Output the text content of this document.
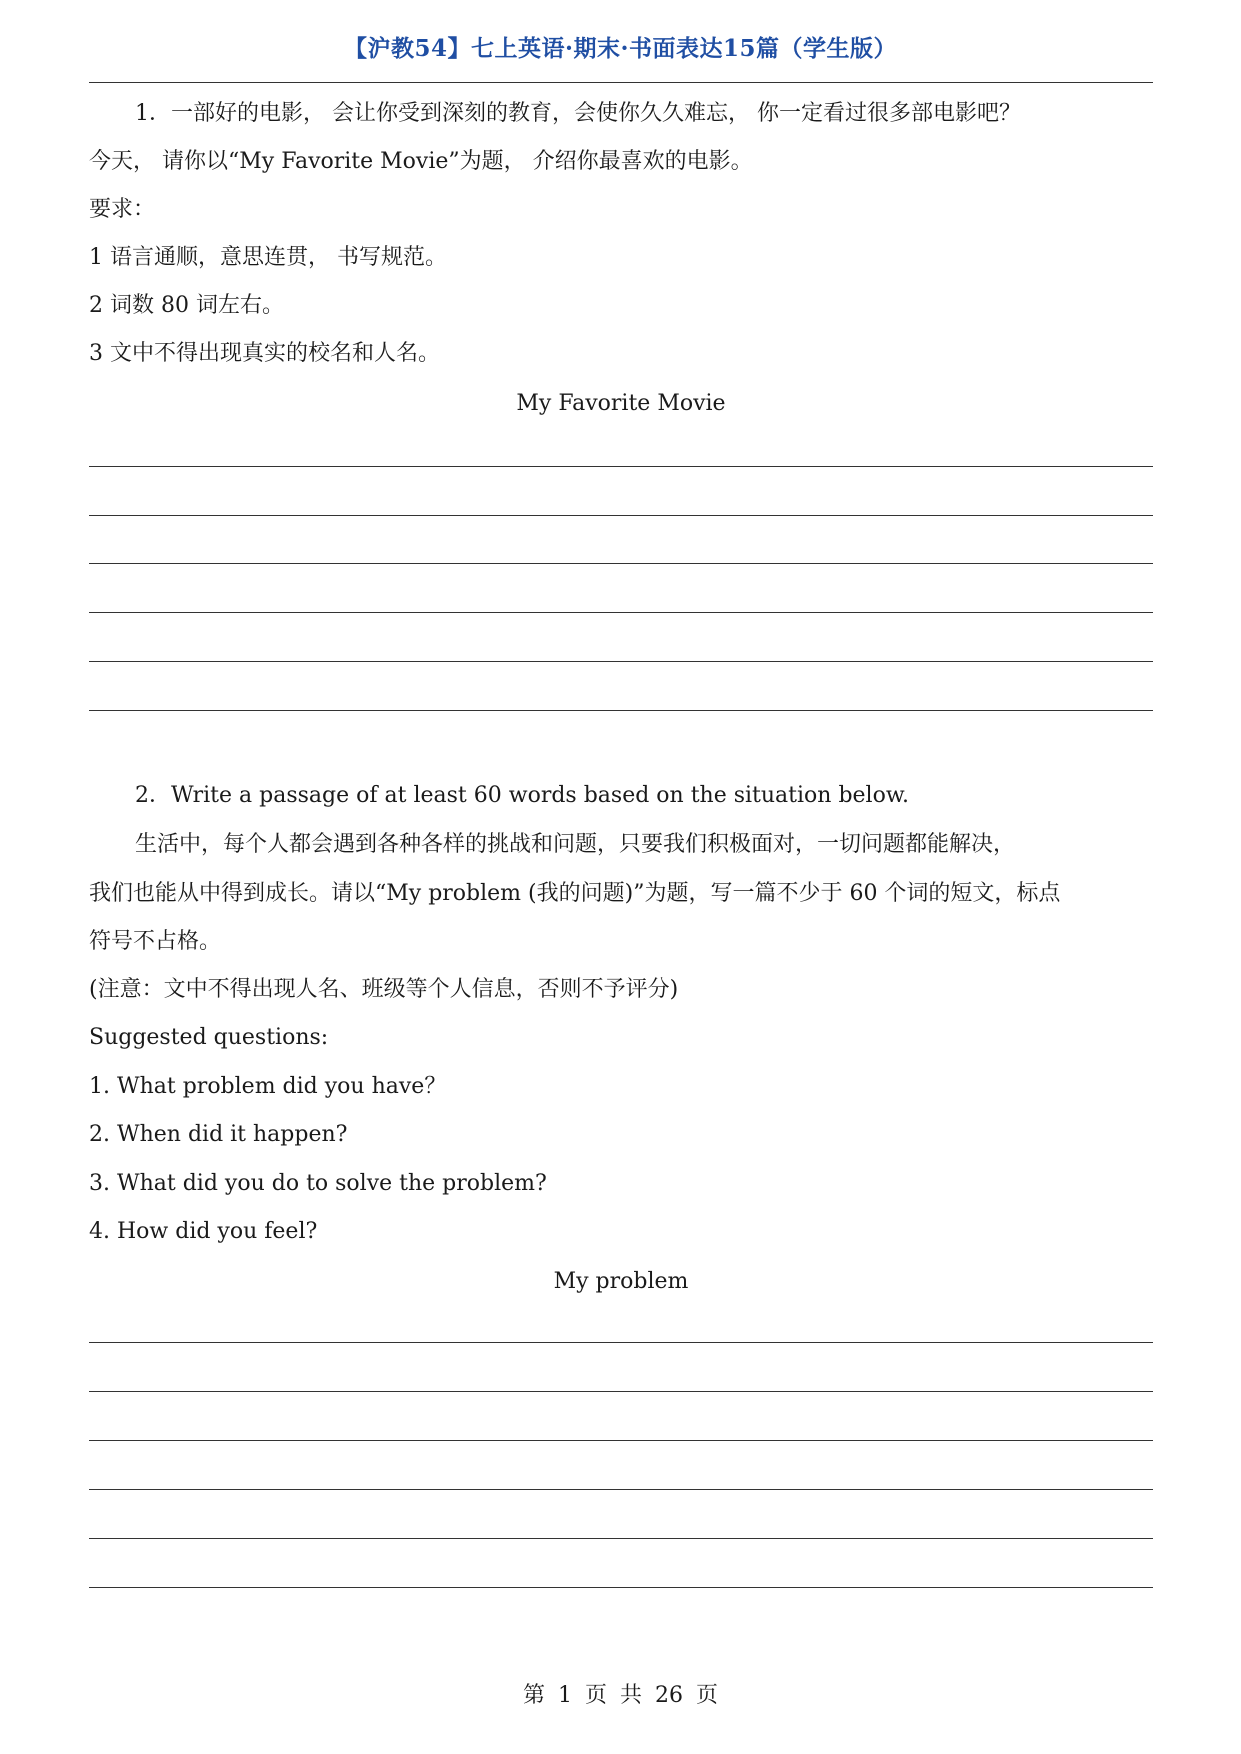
【沪教54】七上英语·期末·书面表达15篇（学生版）
1．一部好的电影， 会让你受到深刻的教育，会使你久久难忘， 你一定看过很多部电影吧？
今天， 请你以“My Favorite Movie”为题， 介绍你最喜欢的电影。
要求：
1 语言通顺，意思连贯， 书写规范。
2 词数 80 词左右。
3 文中不得出现真实的校名和人名。
My Favorite Movie
2．Write a passage of at least 60 words based on the situation below.
生活中，每个人都会遇到各种各样的挑战和问题，只要我们积极面对，一切问题都能解决，
我们也能从中得到成长。请以“My problem (我的问题)”为题，写一篇不少于 60 个词的短文，标点
符号不占格。
(注意：文中不得出现人名、班级等个人信息，否则不予评分)
Suggested questions:
1. What problem did you have？
2. When did it happen?
3. What did you do to solve the problem?
4. How did you feel?
My problem
第 1 页 共 26 页
